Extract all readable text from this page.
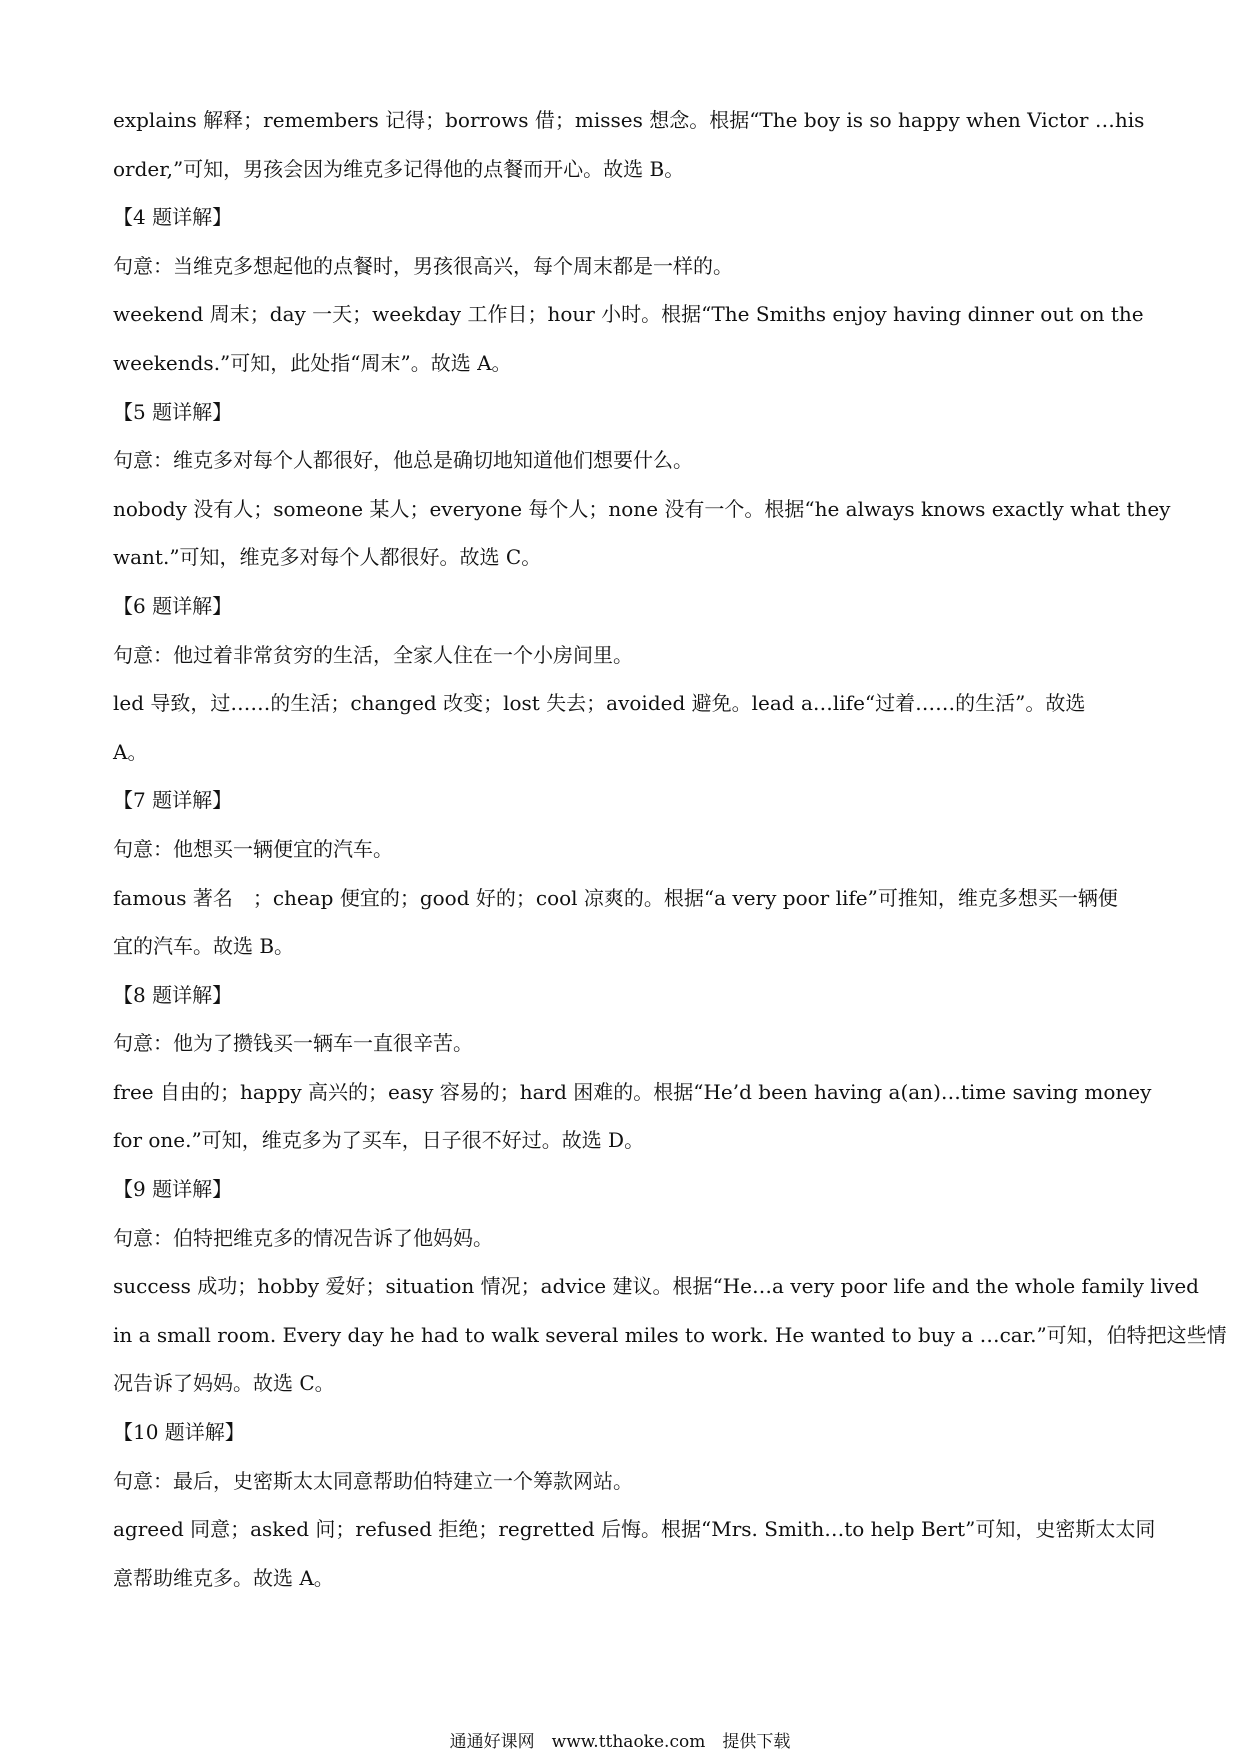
explains 解释；remembers 记得；borrows 借；misses 想念。根据“The boy is so happy when Victor …his
order,”可知，男孩会因为维克多记得他的点餐而开心。故选 B。
【4 题详解】
句意：当维克多想起他的点餐时，男孩很高兴，每个周末都是一样的。
weekend 周末；day 一天；weekday 工作日；hour 小时。根据“The Smiths enjoy having dinner out on the
weekends.”可知，此处指“周末”。故选 A。
【5 题详解】
句意：维克多对每个人都很好，他总是确切地知道他们想要什么。
nobody 没有人；someone 某人；everyone 每个人；none 没有一个。根据“he always knows exactly what they
want.”可知，维克多对每个人都很好。故选 C。
【6 题详解】
句意：他过着非常贫穷的生活，全家人住在一个小房间里。
led 导致，过……的生活；changed 改变；lost 失去；avoided 避免。lead a…life“过着……的生活”。故选
A。
【7 题详解】
句意：他想买一辆便宜的汽车。
famous 著名　；cheap 便宜的；good 好的；cool 凉爽的。根据“a very poor life”可推知，维克多想买一辆便
宜的汽车。故选 B。
【8 题详解】
句意：他为了攒钱买一辆车一直很辛苦。
free 自由的；happy 高兴的；easy 容易的；hard 困难的。根据“He’d been having a(an)…time saving money
for one.”可知，维克多为了买车，日子很不好过。故选 D。
【9 题详解】
句意：伯特把维克多的情况告诉了他妈妈。
success 成功；hobby 爱好；situation 情况；advice 建议。根据“He…a very poor life and the whole family lived
in a small room. Every day he had to walk several miles to work. He wanted to buy a …car.”可知，伯特把这些情
况告诉了妈妈。故选 C。
【10 题详解】
句意：最后，史密斯太太同意帮助伯特建立一个筹款网站。
agreed 同意；asked 问；refused 拒绝；regretted 后悔。根据“Mrs. Smith…to help Bert”可知，史密斯太太同
意帮助维克多。故选 A。
通通好课网　www.tthaoke.com　提供下载
